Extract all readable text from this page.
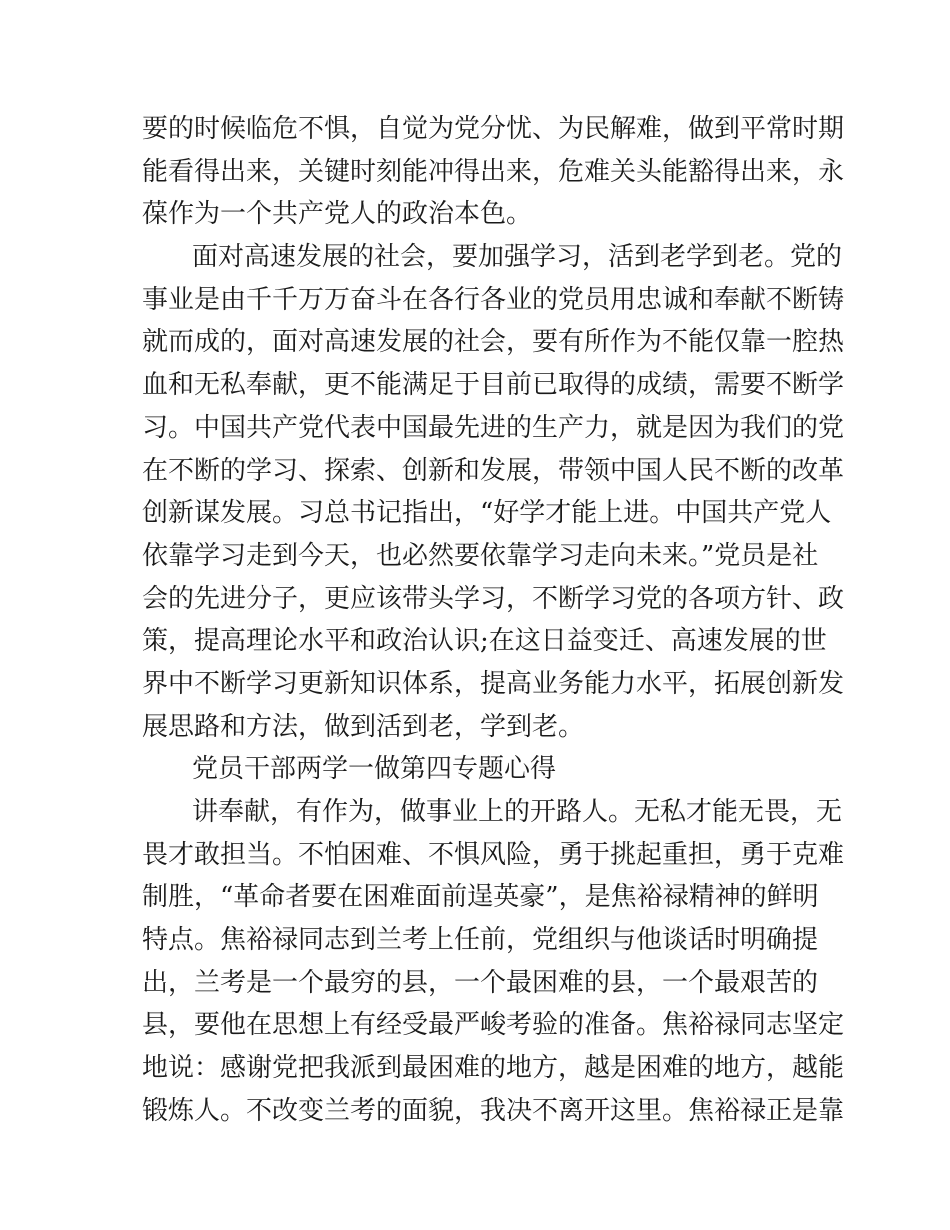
要的时候临危不惧，自觉为党分忧、为民解难，做到平常时期
能看得出来，关键时刻能冲得出来，危难关头能豁得出来，永
葆作为一个共产党人的政治本色。
面对高速发展的社会，要加强学习，活到老学到老。党的
事业是由千千万万奋斗在各行各业的党员用忠诚和奉献不断铸
就而成的，面对高速发展的社会，要有所作为不能仅靠一腔热
血和无私奉献，更不能满足于目前已取得的成绩，需要不断学
习。中国共产党代表中国最先进的生产力，就是因为我们的党
在不断的学习、探索、创新和发展，带领中国人民不断的改革
创新谋发展。习总书记指出，“好学才能上进。中国共产党人
依靠学习走到今天，也必然要依靠学习走向未来。”党员是社
会的先进分子，更应该带头学习，不断学习党的各项方针、政
策，提高理论水平和政治认识;在这日益变迁、高速发展的世
界中不断学习更新知识体系，提高业务能力水平，拓展创新发
展思路和方法，做到活到老，学到老。
党员干部两学一做第四专题心得
讲奉献，有作为，做事业上的开路人。无私才能无畏，无
畏才敢担当。不怕困难、不惧风险，勇于挑起重担，勇于克难
制胜，“革命者要在困难面前逞英豪”，是焦裕禄精神的鲜明
特点。焦裕禄同志到兰考上任前，党组织与他谈话时明确提
出，兰考是一个最穷的县，一个最困难的县，一个最艰苦的
县，要他在思想上有经受最严峻考验的准备。焦裕禄同志坚定
地说：感谢党把我派到最困难的地方，越是困难的地方，越能
锻炼人。不改变兰考的面貌，我决不离开这里。焦裕禄正是靠
